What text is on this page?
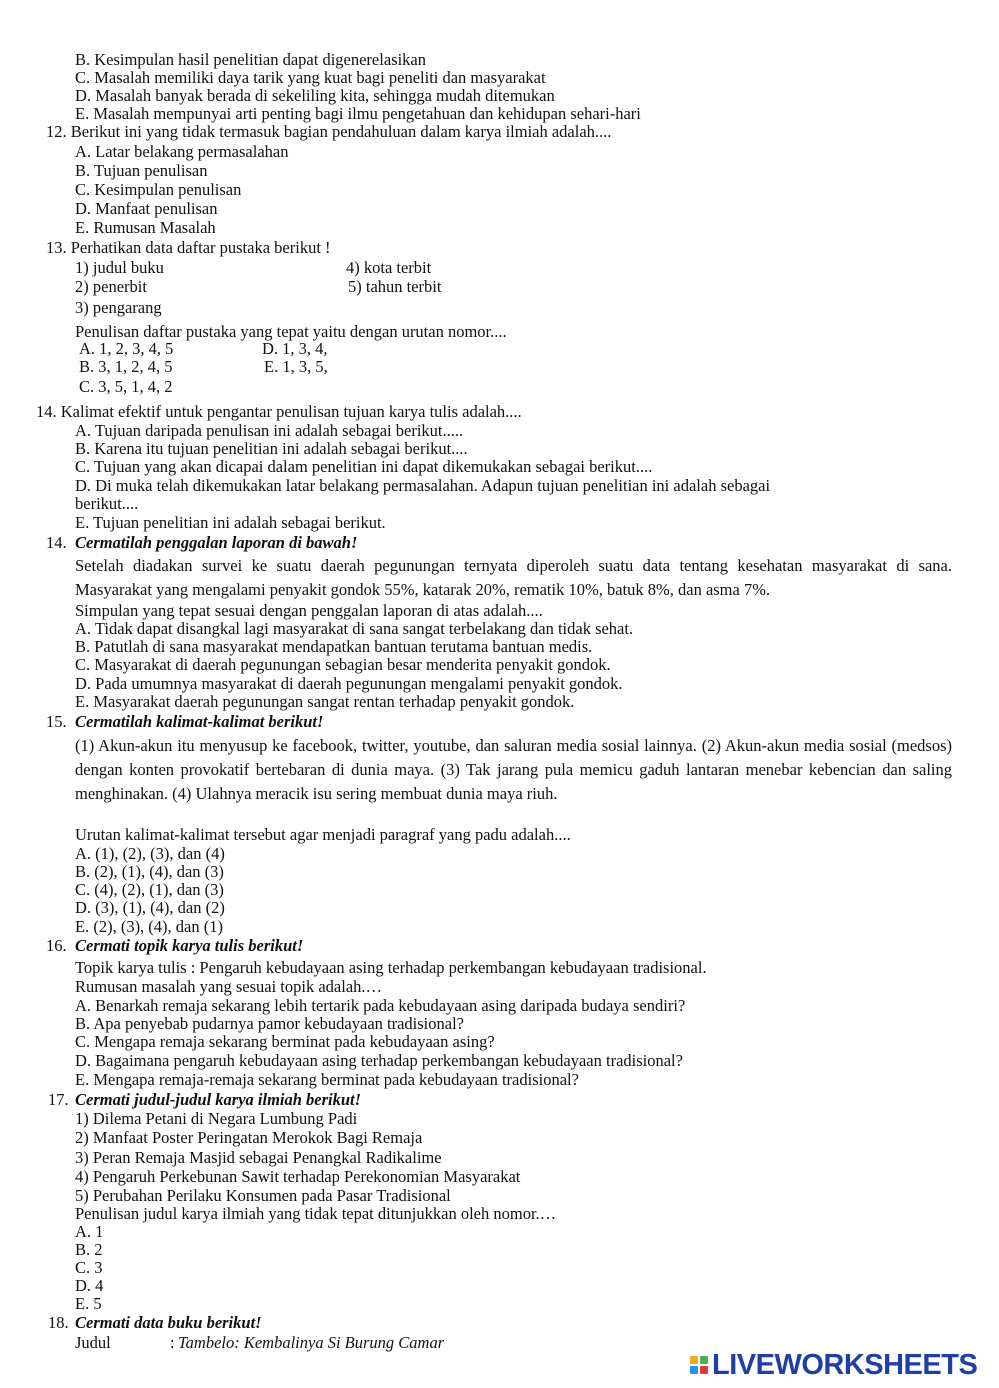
B. Kesimpulan hasil penelitian dapat digenerelasikan
C. Masalah memiliki daya tarik yang kuat bagi peneliti dan masyarakat
D. Masalah banyak berada di sekeliling kita, sehingga mudah ditemukan
E. Masalah mempunyai arti penting bagi ilmu pengetahuan dan kehidupan sehari-hari
12. Berikut ini yang tidak termasuk bagian pendahuluan dalam karya ilmiah adalah....
A. Latar belakang permasalahan
B. Tujuan penulisan
C. Kesimpulan penulisan
D. Manfaat penulisan
E. Rumusan Masalah
13. Perhatikan data daftar pustaka berikut !
1) judul buku	4) kota terbit
2) penerbit	5) tahun terbit
3) pengarang
Penulisan daftar pustaka yang tepat yaitu dengan urutan nomor....
A. 1, 2, 3, 4, 5	D. 1, 3, 4,
B. 3, 1, 2, 4, 5	E. 1, 3, 5,
C. 3, 5, 1, 4, 2
14. Kalimat efektif untuk pengantar penulisan tujuan karya tulis adalah....
A. Tujuan daripada penulisan ini adalah sebagai berikut.....
B. Karena itu tujuan penelitian ini adalah sebagai berikut....
C. Tujuan yang akan dicapai dalam penelitian ini dapat dikemukakan sebagai berikut....
D. Di muka telah dikemukakan latar belakang permasalahan. Adapun tujuan penelitian ini adalah sebagai
berikut....
E. Tujuan penelitian ini adalah sebagai berikut.
14. Cermatilah penggalan laporan di bawah!
Setelah diadakan survei ke suatu daerah pegunungan ternyata diperoleh suatu data tentang kesehatan masyarakat di sana. Masyarakat yang mengalami penyakit gondok 55%, katarak 20%, rematik 10%, batuk 8%, dan asma 7%.
Simpulan yang tepat sesuai dengan penggalan laporan di atas adalah....
A. Tidak dapat disangkal lagi masyarakat di sana sangat terbelakang dan tidak sehat.
B. Patutlah di sana masyarakat mendapatkan bantuan terutama bantuan medis.
C. Masyarakat di daerah pegunungan sebagian besar menderita penyakit gondok.
D. Pada umumnya masyarakat di daerah pegunungan mengalami penyakit gondok.
E. Masyarakat daerah pegunungan sangat rentan terhadap penyakit gondok.
15. Cermatilah kalimat-kalimat berikut!
(1) Akun-akun itu menyusup ke facebook, twitter, youtube, dan saluran media sosial lainnya. (2) Akun-akun media sosial (medsos) dengan konten provokatif bertebaran di dunia maya. (3) Tak jarang pula memicu gaduh lantaran menebar kebencian dan saling menghinakan. (4) Ulahnya meracik isu sering membuat dunia maya riuh.
Urutan kalimat-kalimat tersebut agar menjadi paragraf yang padu adalah....
A. (1), (2), (3), dan (4)
B. (2), (1), (4), dan (3)
C. (4), (2), (1), dan (3)
D. (3), (1), (4), dan (2)
E. (2), (3), (4), dan (1)
16. Cermati topik karya tulis berikut!
Topik karya tulis : Pengaruh kebudayaan asing terhadap perkembangan kebudayaan tradisional.
Rumusan masalah yang sesuai topik adalah.…
A. Benarkah remaja sekarang lebih tertarik pada kebudayaan asing daripada budaya sendiri?
B. Apa penyebab pudarnya pamor kebudayaan tradisional?
C. Mengapa remaja sekarang berminat pada kebudayaan asing?
D. Bagaimana pengaruh kebudayaan asing terhadap perkembangan kebudayaan tradisional?
E. Mengapa remaja-remaja sekarang berminat pada kebudayaan tradisional?
17. Cermati judul-judul karya ilmiah berikut!
1) Dilema Petani di Negara Lumbung Padi
2) Manfaat Poster Peringatan Merokok Bagi Remaja
3) Peran Remaja Masjid sebagai Penangkal Radikalime
4) Pengaruh Perkebunan Sawit terhadap Perekonomian Masyarakat
5) Perubahan Perilaku Konsumen pada Pasar Tradisional
Penulisan judul karya ilmiah yang tidak tepat ditunjukkan oleh nomor.…
A. 1
B. 2
C. 3
D. 4
E. 5
18. Cermati data buku berikut!
Judul	: Tambelo: Kembalinya Si Burung Camar
LIVEWORKSHEETS
